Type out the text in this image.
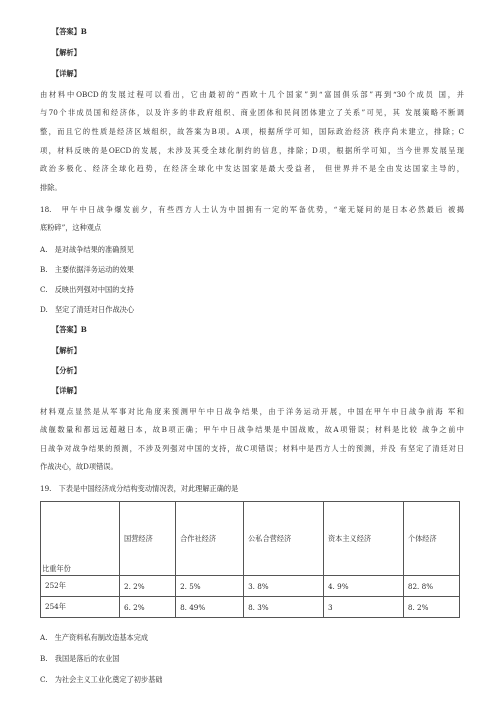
【答案】B
【解析】
【详解】
由材料中OBCD的发展过程可以看出，它由最初的“西欧十几个国家”到“富国俱乐部”再到“30个成员 国，并
与70个非成员国和经济体，以及许多的非政府组织、商业团体和民间团体建立了关系”可见，其 发展策略不断调
整，而且它的性质是经济区域组织，故答案为B项。A项，根据所学可知，国际政治经济 秩序尚未建立，排除；C
项，材料反映的是OECD的发展，未涉及其受全球化制约的信息，排除；D项，根据所学可知，当今世界发展呈现
政治多极化、经济全球化趋势，在经济全球化中发达国家是最大受益者， 但世界并不是全由发达国家主导的，
排除。
18.　甲午中日战争爆发前夕，有些西方人士认为中国拥有一定的军备优势，“毫无疑问的是日本必然最后 被揭
底粉碎”，这种观点
A.　是对战争结果的准确预见
B.　主要依据洋务运动的效果
C.　反映出列强对中国的支持
D.　坚定了清廷对日作战决心
【答案】B
【解析】
【分析】
【详解】
材料观点显然是从军事对比角度来预测甲午中日战争结果，由于洋务运动开展，中国在甲午中日战争前海 军和
战舰数量和都远远超越日本，故B项正确；甲午中日战争结果是中国战败，故A项错误；材料是比较 战争之前中
日战争对战争结果的预测，不涉及列强对中国的支持，故C项错误；材料中是西方人士的预测，并没 有坚定了清廷对日
作战决心，故D项错误。
19.　下表是中国经济成分结构变动情况表，对此理解正确的是
比重年份	国营经济	合作社经济	公私合营经济	资本主义经济	个体经济
252年	2. 2%	2. 5%	3. 8%	4. 9%	82. 8%
254年	6. 2%	8. 49%	8. 3%	3	8. 2%
A.　生产资料私有制改造基本完成
B.　我国是落后的农业国
C.　为社会主义工业化奠定了初步基础
